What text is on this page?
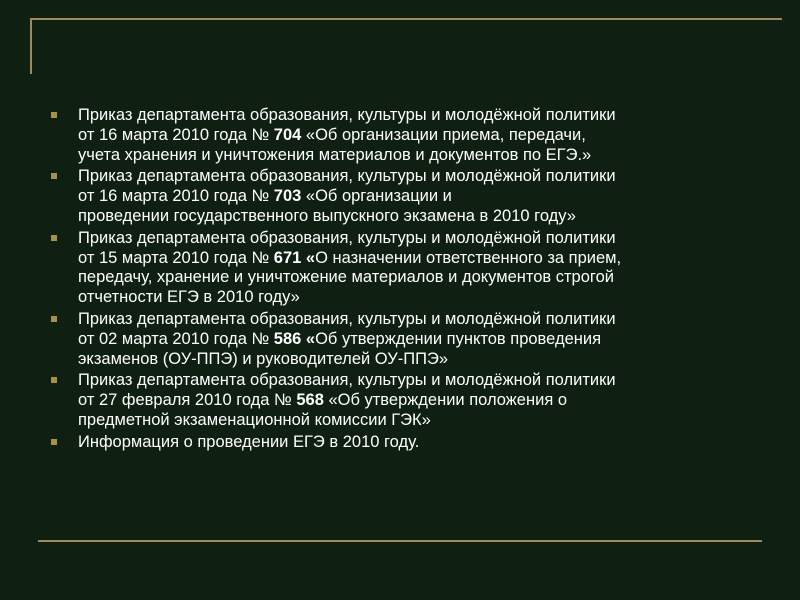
Приказ департамента образования, культуры и молодёжной политики
от 16 марта 2010 года № 704 «Об организации приема, передачи,
учета хранения и уничтожения материалов и документов по ЕГЭ.»
Приказ департамента образования, культуры и молодёжной политики
от 16 марта 2010 года № 703 «Об организации и
проведении государственного выпускного экзамена в 2010 году»
Приказ департамента образования, культуры и молодёжной политики
от 15 марта 2010 года № 671 «О назначении ответственного за прием,
передачу, хранение и уничтожение материалов и документов строгой
отчетности ЕГЭ в 2010 году»
Приказ департамента образования, культуры и молодёжной политики
от 02 марта 2010 года № 586 «Об утверждении пунктов проведения
экзаменов (ОУ-ППЭ) и руководителей ОУ-ППЭ»
Приказ департамента образования, культуры и молодёжной политики
от 27 февраля 2010 года № 568 «Об утверждении положения о
предметной экзаменационной комиссии ГЭК»
Информация о проведении ЕГЭ в 2010 году.
